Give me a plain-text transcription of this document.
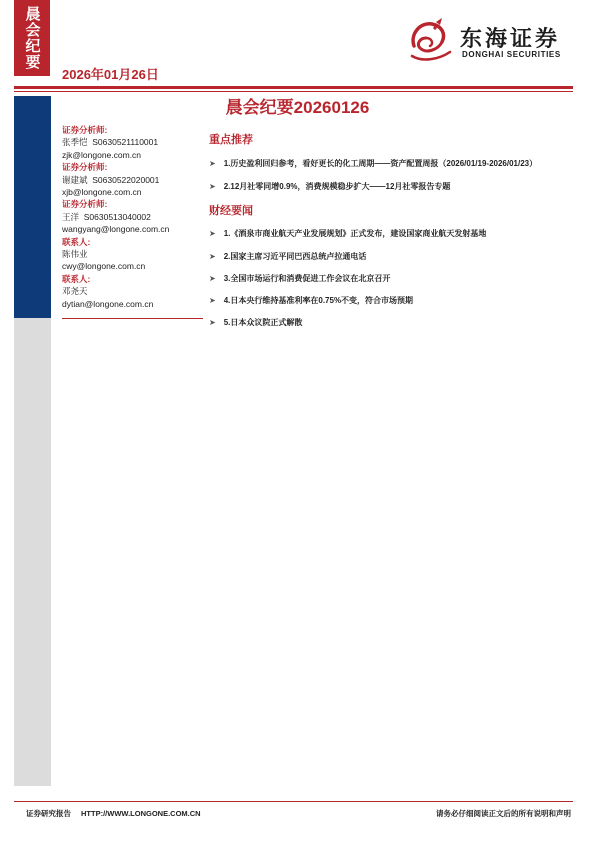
晨会纪要	东海证券
DONGHAI SECURITIES
2026年01月26日
晨会纪要20260126
证券分析师:
张季恺 S0630521110001
zjk@longone.com.cn
证券分析师:
谢建斌 S0630522020001
xjb@longone.com.cn
证券分析师:
王洋 S0630513040002
wangyang@longone.com.cn
联系人:
陈伟业
cwy@longone.com.cn
联系人:
邓尧天
dytian@longone.com.cn
重点推荐
➤ 1.历史盈利回归参考，看好更长的化工周期——资产配置周报（2026/01/19-2026/01/23）
➤ 2.12月社零同增0.9%，消费规模稳步扩大——12月社零报告专题
财经要闻
➤ 1.《酒泉市商业航天产业发展规划》正式发布，建设国家商业航天发射基地
➤ 2.国家主席习近平同巴西总统卢拉通电话
➤ 3.全国市场运行和消费促进工作会议在北京召开
➤ 4.日本央行维持基准利率在0.75%不变，符合市场预期
➤ 5.日本众议院正式解散
证券研究报告 HTTP://WWW.LONGONE.COM.CN	请务必仔细阅读正文后的所有说明和声明
